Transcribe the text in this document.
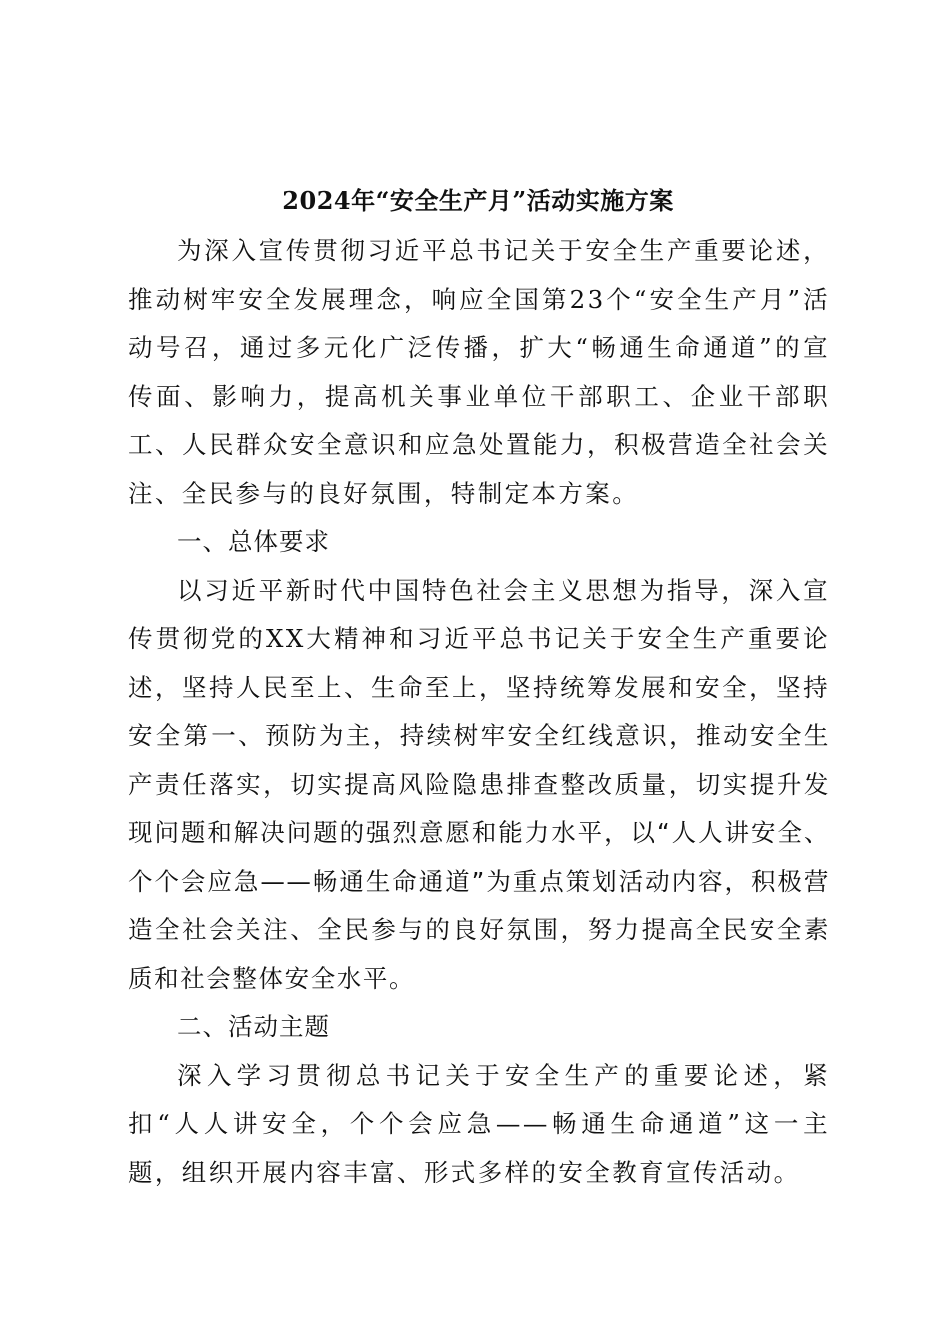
2024年“安全生产月”活动实施方案

为深入宣传贯彻习近平总书记关于安全生产重要论述，推动树牢安全发展理念，响应全国第23个“安全生产月”活动号召，通过多元化广泛传播，扩大“畅通生命通道”的宣传面、影响力，提高机关事业单位干部职工、企业干部职工、人民群众安全意识和应急处置能力，积极营造全社会关注、全民参与的良好氛围，特制定本方案。

一、总体要求

以习近平新时代中国特色社会主义思想为指导，深入宣传贯彻党的XX大精神和习近平总书记关于安全生产重要论述，坚持人民至上、生命至上，坚持统筹发展和安全，坚持安全第一、预防为主，持续树牢安全红线意识，推动安全生产责任落实，切实提高风险隐患排查整改质量，切实提升发现问题和解决问题的强烈意愿和能力水平，以“人人讲安全、个个会应急——畅通生命通道”为重点策划活动内容，积极营造全社会关注、全民参与的良好氛围，努力提高全民安全素质和社会整体安全水平。

二、活动主题

深入学习贯彻总书记关于安全生产的重要论述，紧扣“人人讲安全，个个会应急——畅通生命通道”这一主题，组织开展内容丰富、形式多样的安全教育宣传活动。
